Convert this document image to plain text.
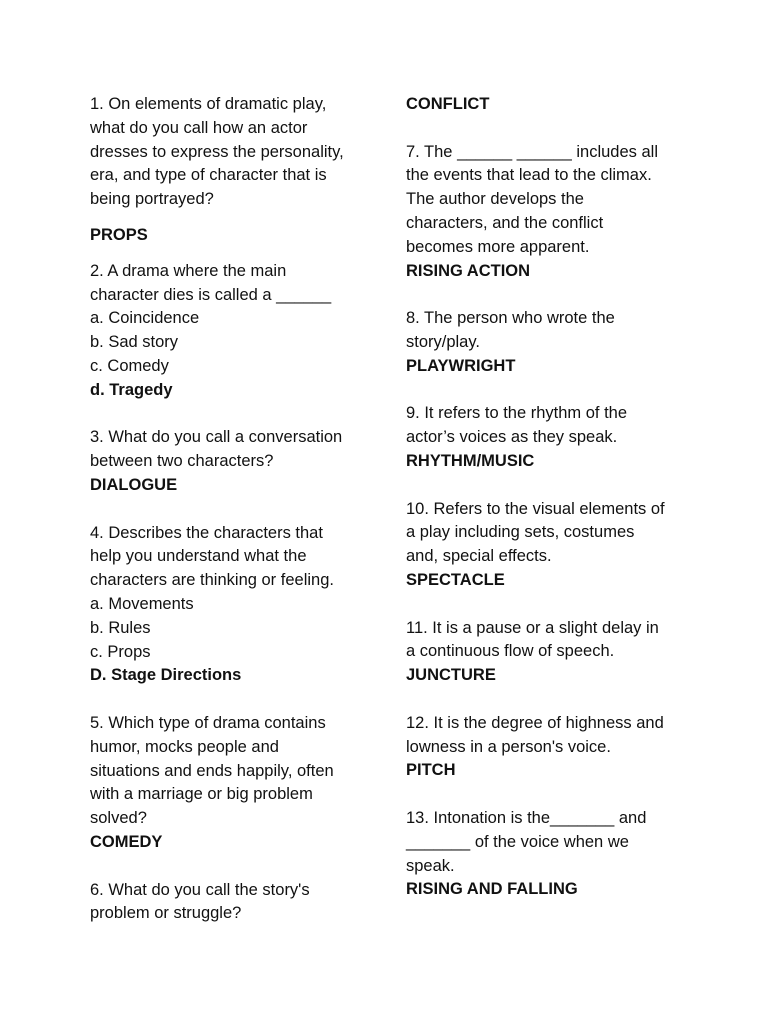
1. On elements of dramatic play,
what do you call how an actor
dresses to express the personality,
era, and type of character that is
being portrayed?
PROPS
2. A drama where the main
character dies is called a ______
a. Coincidence
b. Sad story
c. Comedy
d. Tragedy
3. What do you call a conversation
between two characters?
DIALOGUE
4. Describes the characters that
help you understand what the
characters are thinking or feeling.
a. Movements
b. Rules
c. Props
D. Stage Directions
5. Which type of drama contains
humor, mocks people and
situations and ends happily, often
with a marriage or big problem
solved?
COMEDY
6. What do you call the story's
problem or struggle?
CONFLICT
7. The ______ ______ includes all
the events that lead to the climax.
The author develops the
characters, and the conflict
becomes more apparent.
RISING ACTION
8. The person who wrote the
story/play.
PLAYWRIGHT
9. It refers to the rhythm of the
actor’s voices as they speak.
RHYTHM/MUSIC
10. Refers to the visual elements of
a play including sets, costumes
and, special effects.
SPECTACLE
11. It is a pause or a slight delay in
a continuous flow of speech.
JUNCTURE
12. It is the degree of highness and
lowness in a person's voice.
PITCH
13. Intonation is the_______ and
_______ of the voice when we
speak.
RISING AND FALLING
